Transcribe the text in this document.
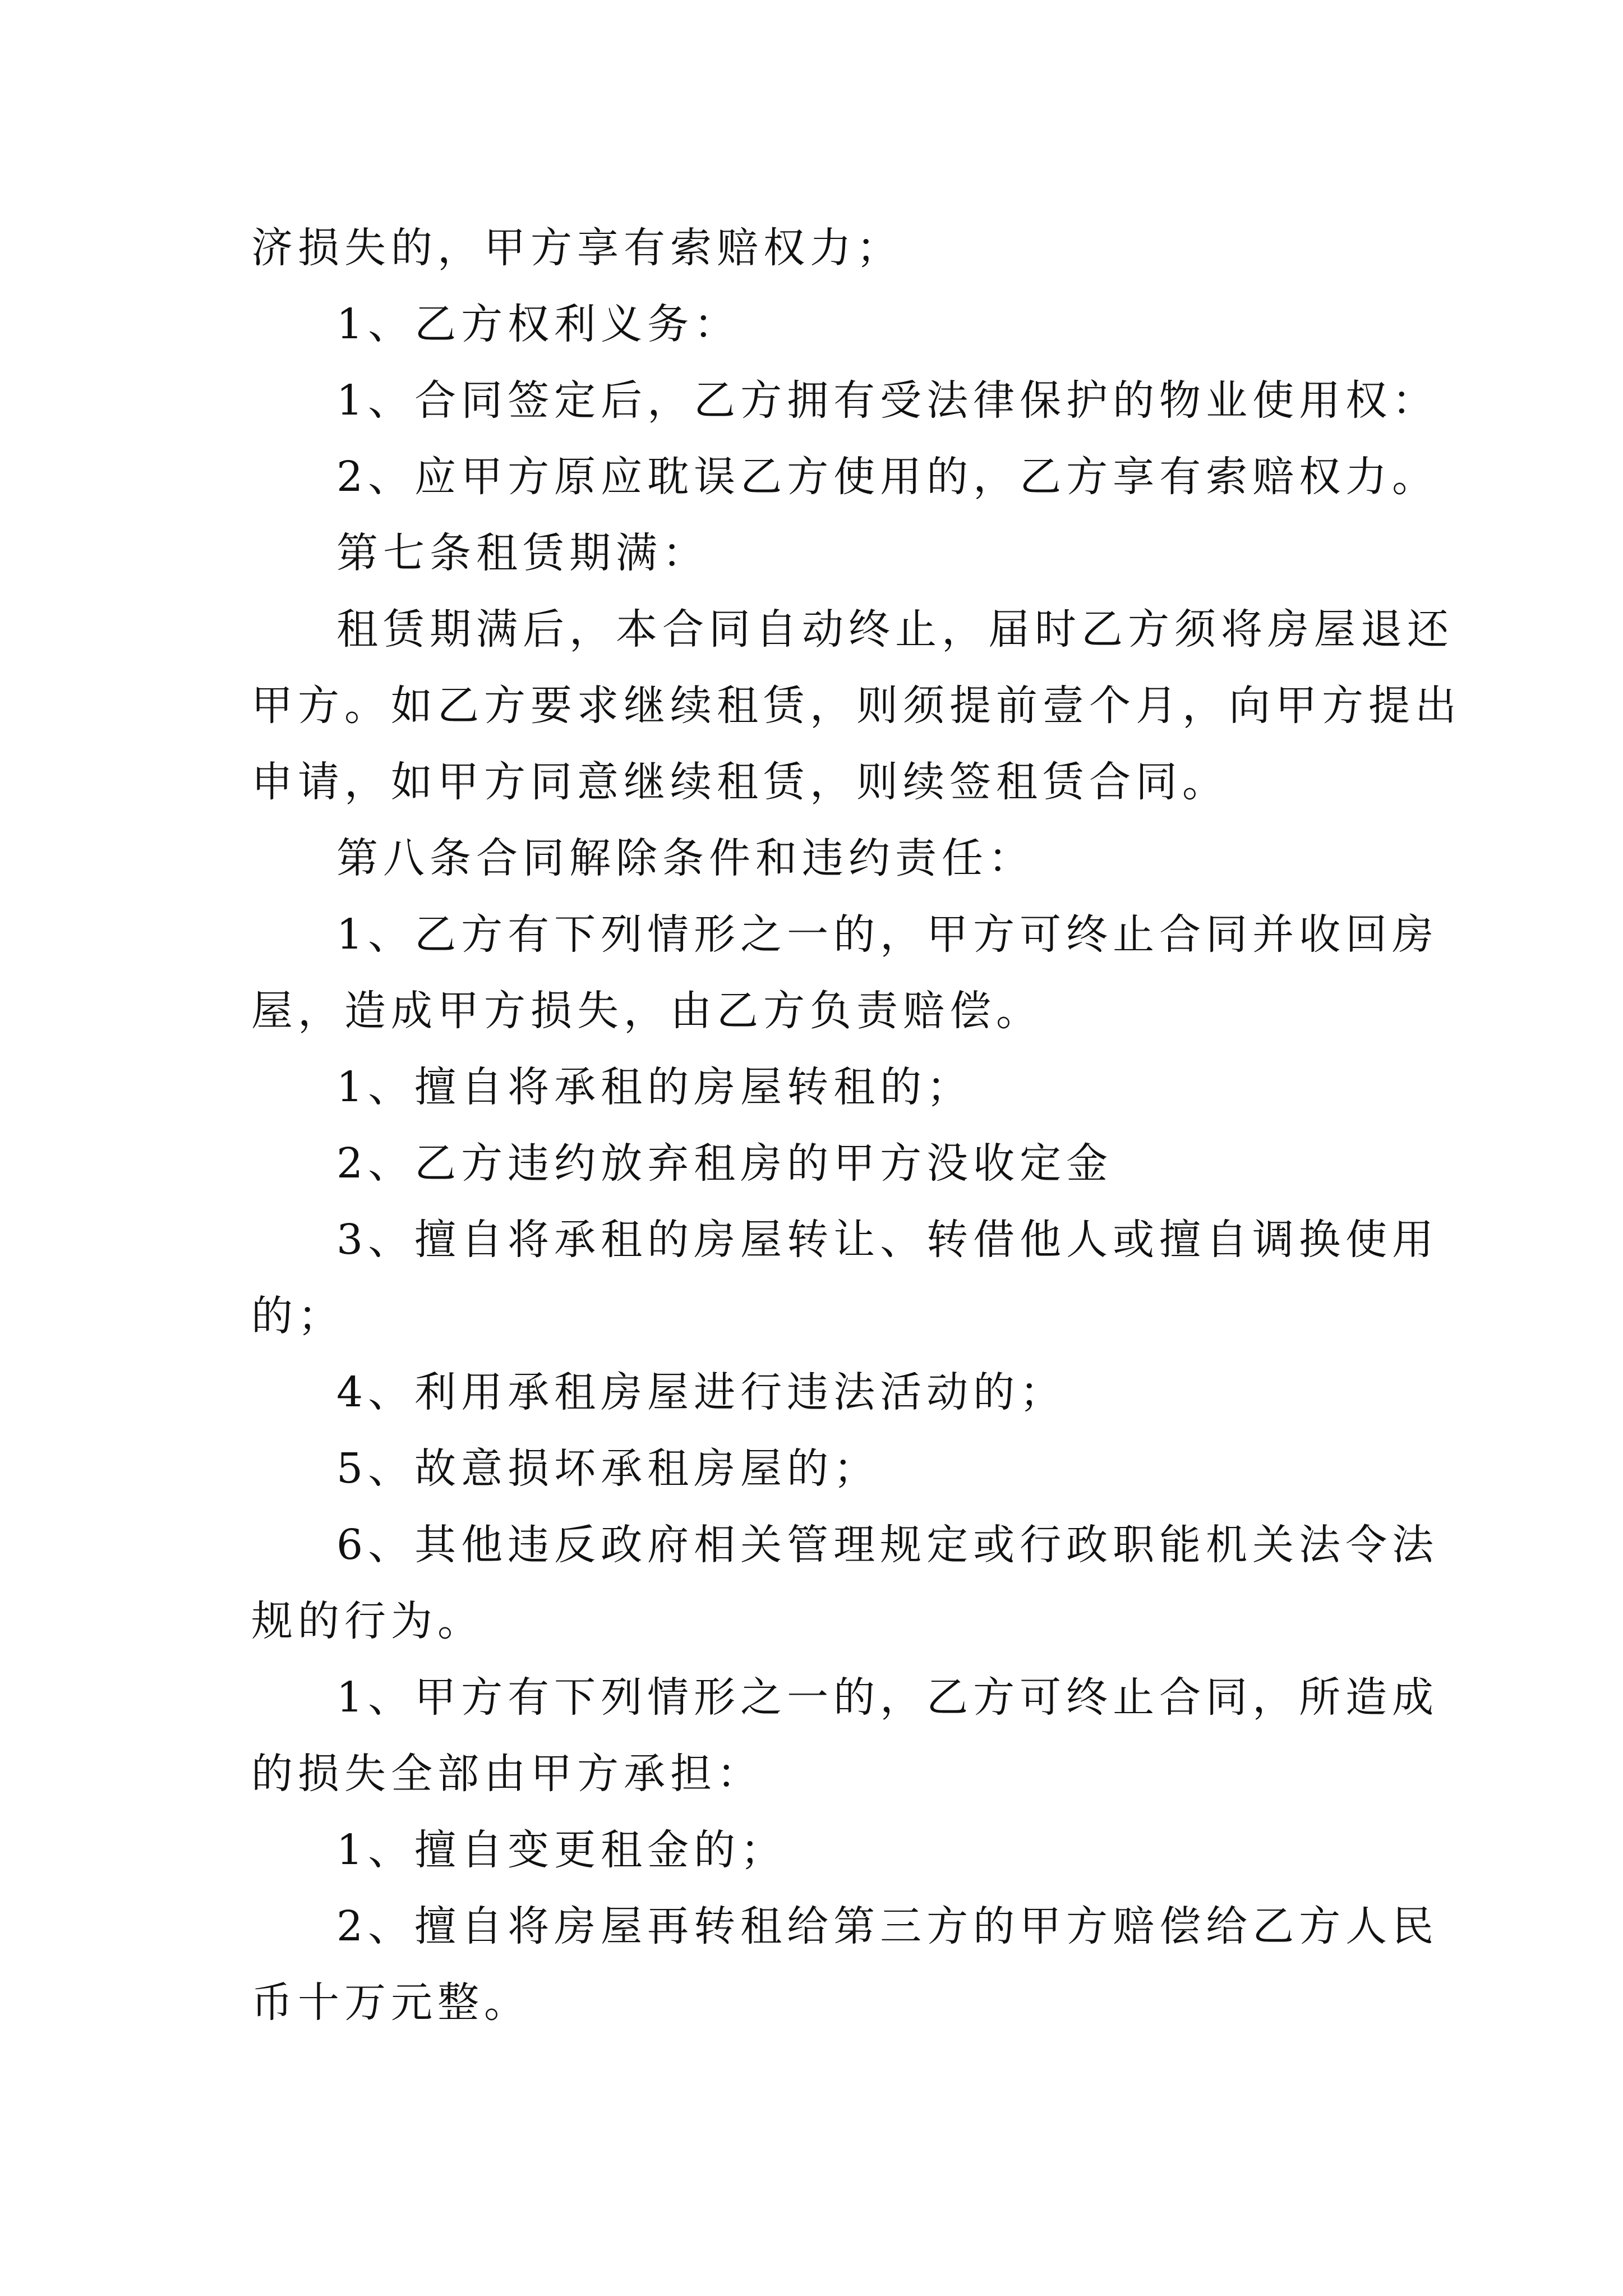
济损失的，甲方享有索赔权力；
1、乙方权利义务：
1、合同签定后，乙方拥有受法律保护的物业使用权：
2、应甲方原应耽误乙方使用的，乙方享有索赔权力。
第七条租赁期满：
租赁期满后，本合同自动终止，届时乙方须将房屋退还
甲方。如乙方要求继续租赁，则须提前壹个月，向甲方提出
申请，如甲方同意继续租赁，则续签租赁合同。
第八条合同解除条件和违约责任：
1、乙方有下列情形之一的，甲方可终止合同并收回房
屋，造成甲方损失，由乙方负责赔偿。
1、擅自将承租的房屋转租的；
2、乙方违约放弃租房的甲方没收定金
3、擅自将承租的房屋转让、转借他人或擅自调换使用
的；
4、利用承租房屋进行违法活动的；
5、故意损坏承租房屋的；
6、其他违反政府相关管理规定或行政职能机关法令法
规的行为。
1、甲方有下列情形之一的，乙方可终止合同，所造成
的损失全部由甲方承担：
1、擅自变更租金的；
2、擅自将房屋再转租给第三方的甲方赔偿给乙方人民
币十万元整。
